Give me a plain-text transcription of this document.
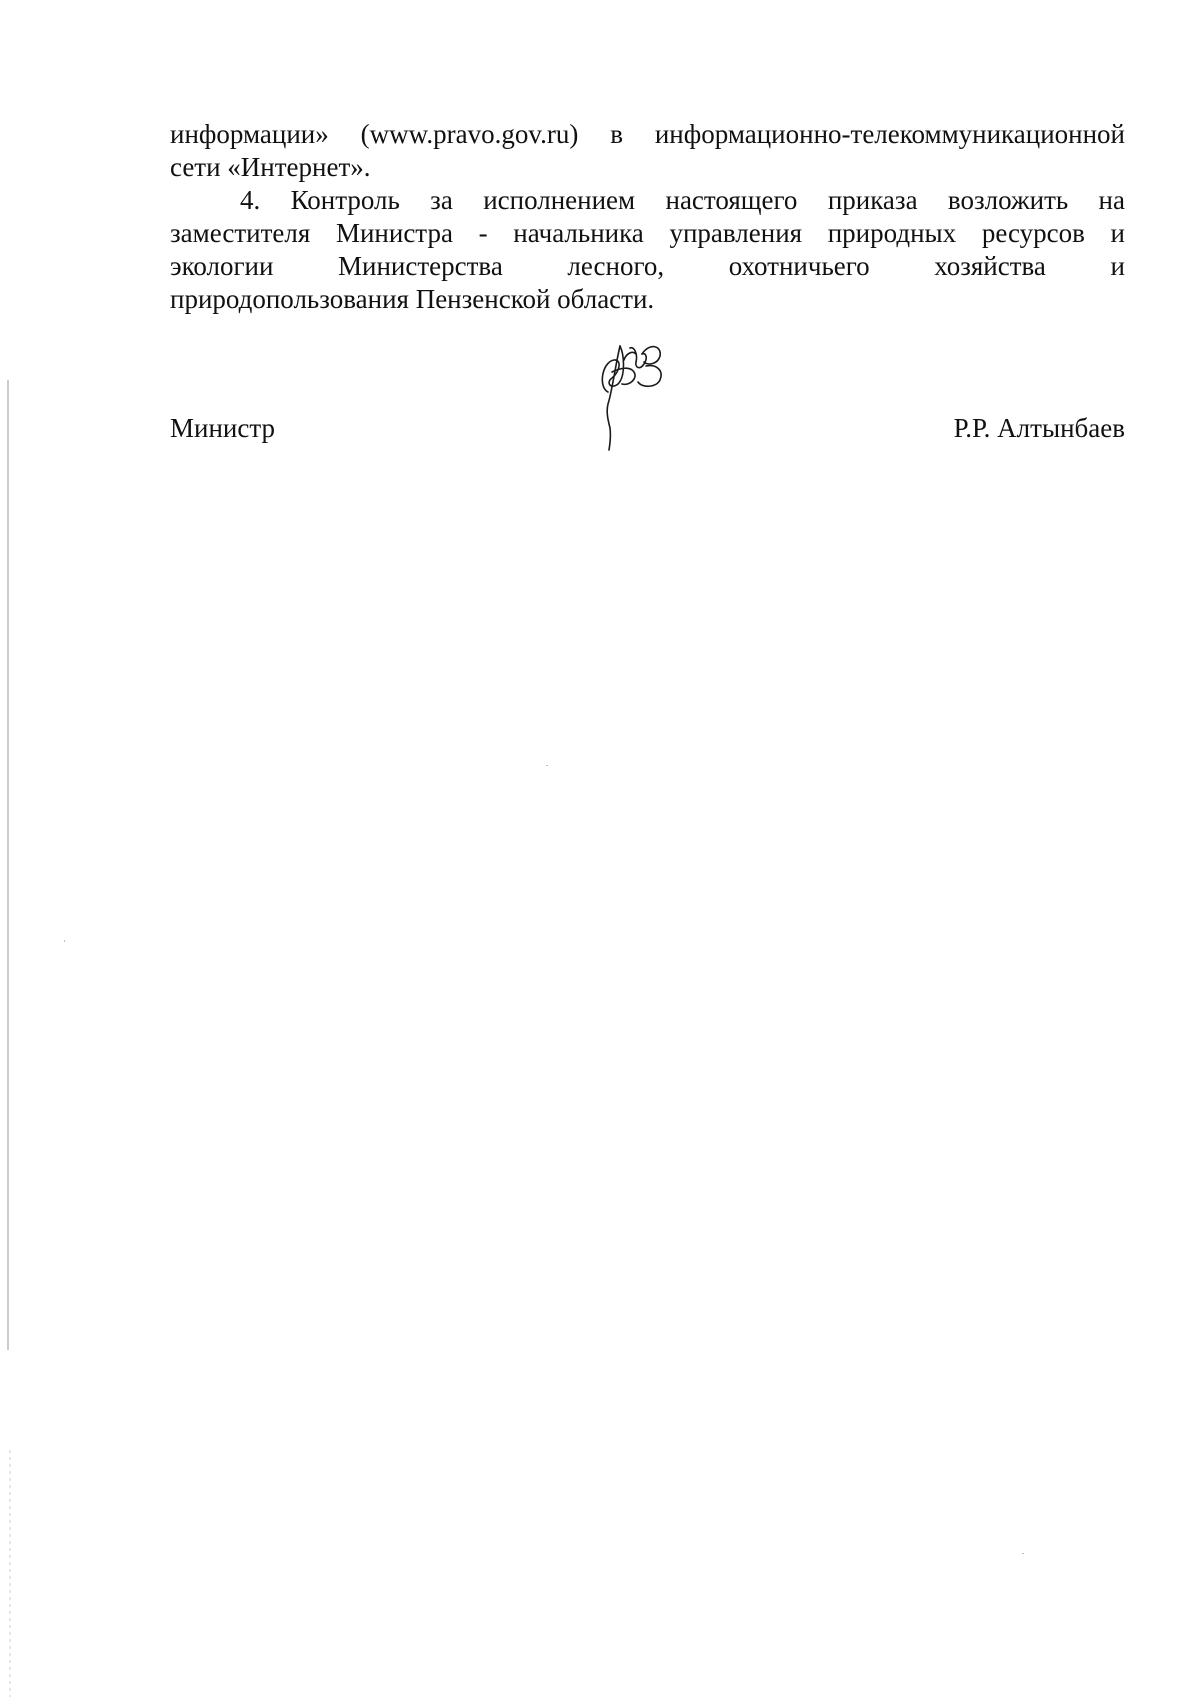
информации» (www.pravo.gov.ru) в информационно-телекоммуникационной
сети «Интернет».

4. Контроль за исполнением настоящего приказа возложить на
заместителя Министра - начальника управления природных ресурсов и
экологии Министерства лесного, охотничьего хозяйства и
природопользования Пензенской области.

Министр	Р.Р. Алтынбаев
